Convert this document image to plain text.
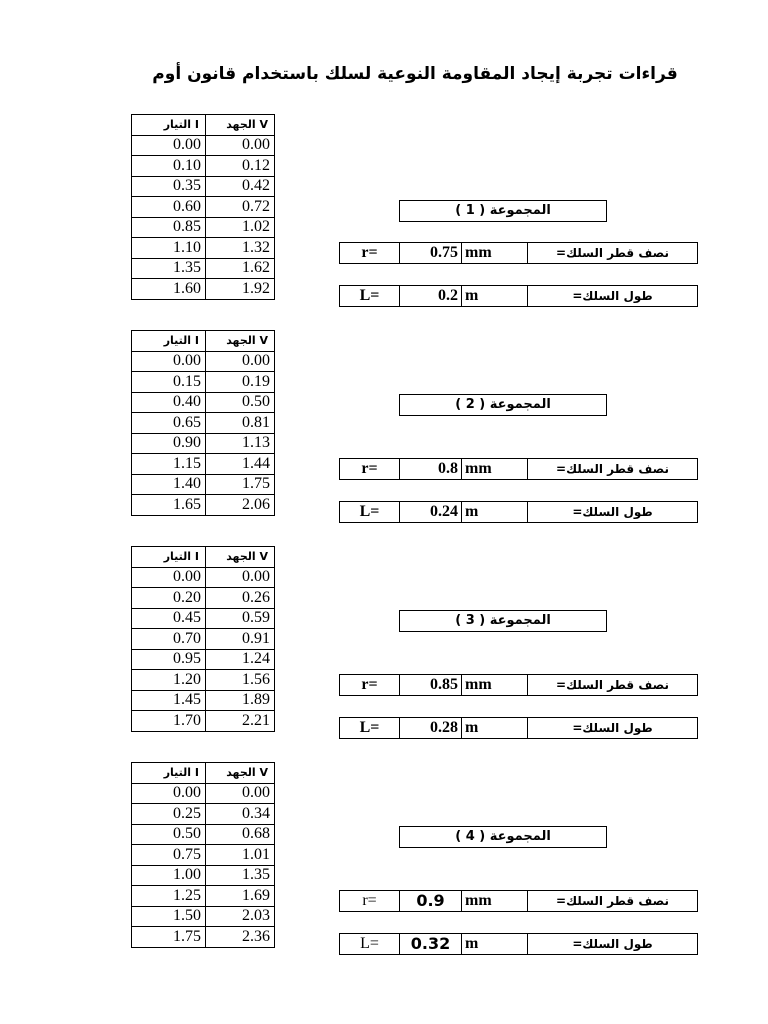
قراءات تجربة إيجاد المقاومة النوعية لسلك باستخدام قانون أوم
التيار I	الجهد V
0.00	0.00
0.10	0.12
0.35	0.42
0.60	0.72
0.85	1.02
1.10	1.32
1.35	1.62
1.60	1.92
المجموعة ( 1 )
r=	0.75 mm	نصف قطر السلك=
L=	0.2 m	طول السلك=
التيار I	الجهد V
0.00	0.00
0.15	0.19
0.40	0.50
0.65	0.81
0.90	1.13
1.15	1.44
1.40	1.75
1.65	2.06
المجموعة ( 2 )
r=	0.8 mm	نصف قطر السلك=
L=	0.24 m	طول السلك=
التيار I	الجهد V
0.00	0.00
0.20	0.26
0.45	0.59
0.70	0.91
0.95	1.24
1.20	1.56
1.45	1.89
1.70	2.21
المجموعة ( 3 )
r=	0.85 mm	نصف قطر السلك=
L=	0.28 m	طول السلك=
التيار I	الجهد V
0.00	0.00
0.25	0.34
0.50	0.68
0.75	1.01
1.00	1.35
1.25	1.69
1.50	2.03
1.75	2.36
المجموعة ( 4 )
r=	0.9	mm	نصف قطر السلك=
L=	0.32 m	طول السلك=
